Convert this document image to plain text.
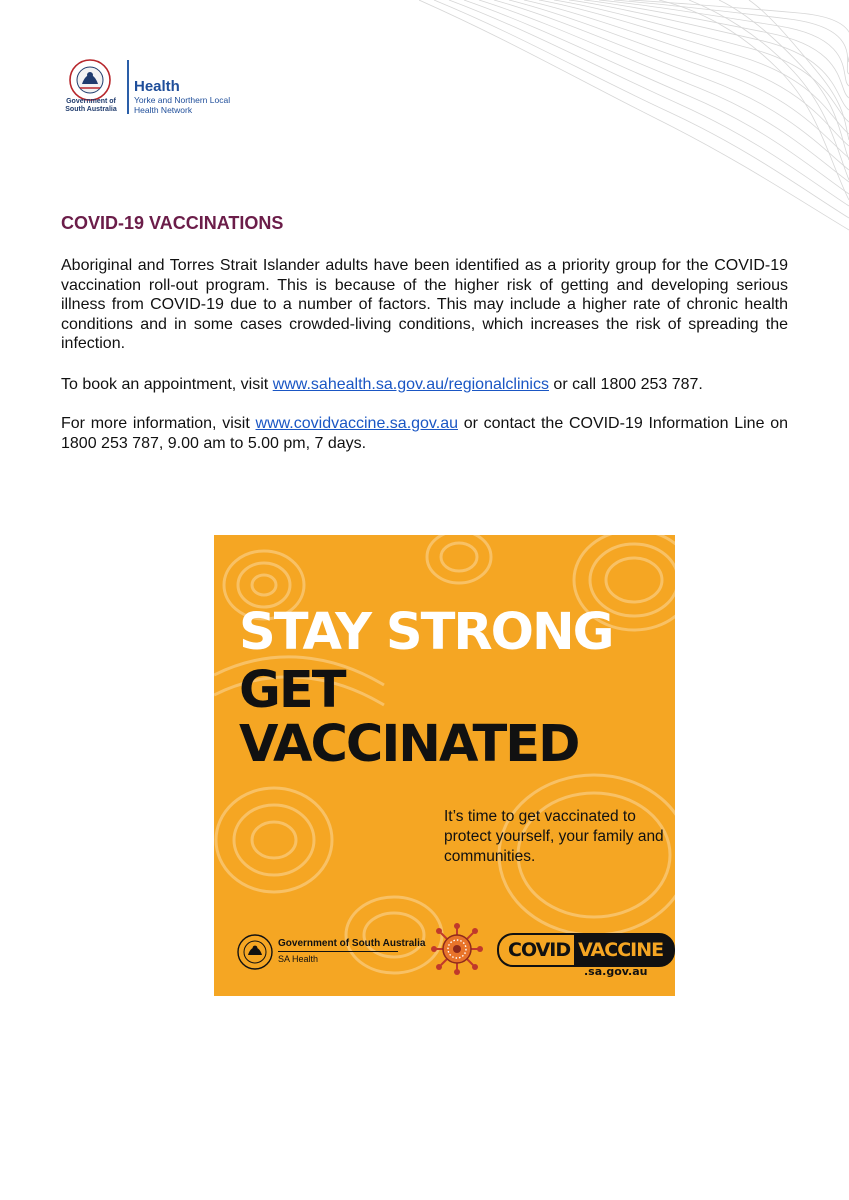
Government of South Australia
Health
Yorke and Northern Local Health Network
COVID-19 VACCINATIONS

Aboriginal and Torres Strait Islander adults have been identified as a priority group for the COVID-19 vaccination roll-out program. This is because of the higher risk of getting and developing serious illness from COVID-19 due to a number of factors. This may include a higher rate of chronic health conditions and in some cases crowded-living conditions, which increases the risk of spreading the infection.

To book an appointment, visit www.sahealth.sa.gov.au/regionalclinics or call 1800 253 787.

For more information, visit www.covidvaccine.sa.gov.au or contact the COVID-19 Information Line on 1800 253 787, 9.00 am to 5.00 pm, 7 days.

STAY STRONG
GET
VACCINATED

It’s time to get vaccinated to protect yourself, your family and communities.

Government of South Australia
SA Health	COVID VACCINE
.sa.gov.au
